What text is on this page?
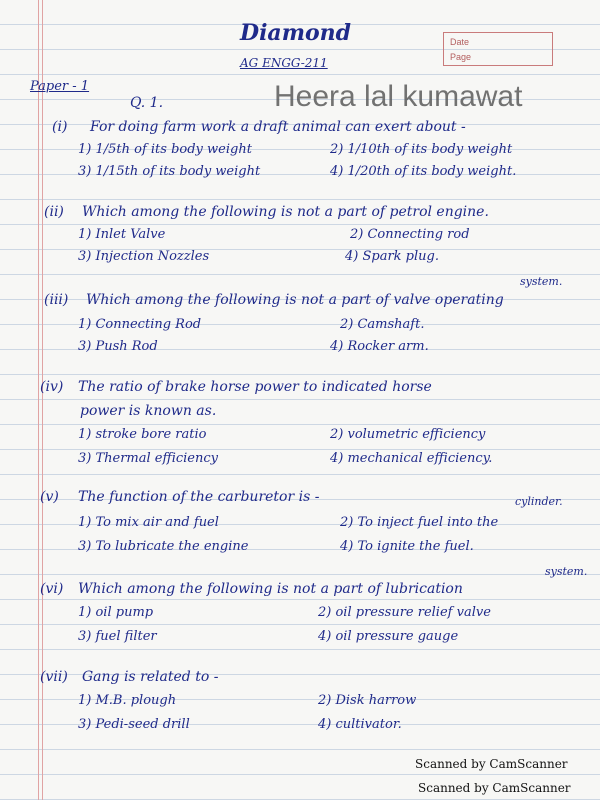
Diamond
AG ENGG-211
Date
Page
Heera lal kumawat
Paper - 1
Q. 1.
(i) For doing farm work a draft animal can exert about -
1) 1/5th of its body weight	2) 1/10th of its body weight
3) 1/15th of its body weight	4) 1/20th of its body weight.
(ii) Which among the following is not a part of petrol engine.
1) Inlet Valve	2) Connecting rod
3) Injection Nozzles	4) Spark plug.
system.
(iii) Which among the following is not a part of valve operating
1) Connecting Rod	2) Camshaft.
3) Push Rod	4) Rocker arm.
(iv) The ratio of brake horse power to indicated horse
power is known as.
1) stroke bore ratio	2) volumetric efficiency
3) Thermal efficiency	4) mechanical efficiency.
(v) The function of the carburetor is -	cylinder.
1) To mix air and fuel	2) To inject fuel into the
3) To lubricate the engine	4) To ignite the fuel.
system.
(vi) Which among the following is not a part of lubrication
1) oil pump	2) oil pressure relief valve
3) fuel filter	4) oil pressure gauge
(vii) Gang is related to -
1) M.B. plough	2) Disk harrow
3) Pedi-seed drill	4) cultivator.
Scanned by CamScanner
Scanned by CamScanner
